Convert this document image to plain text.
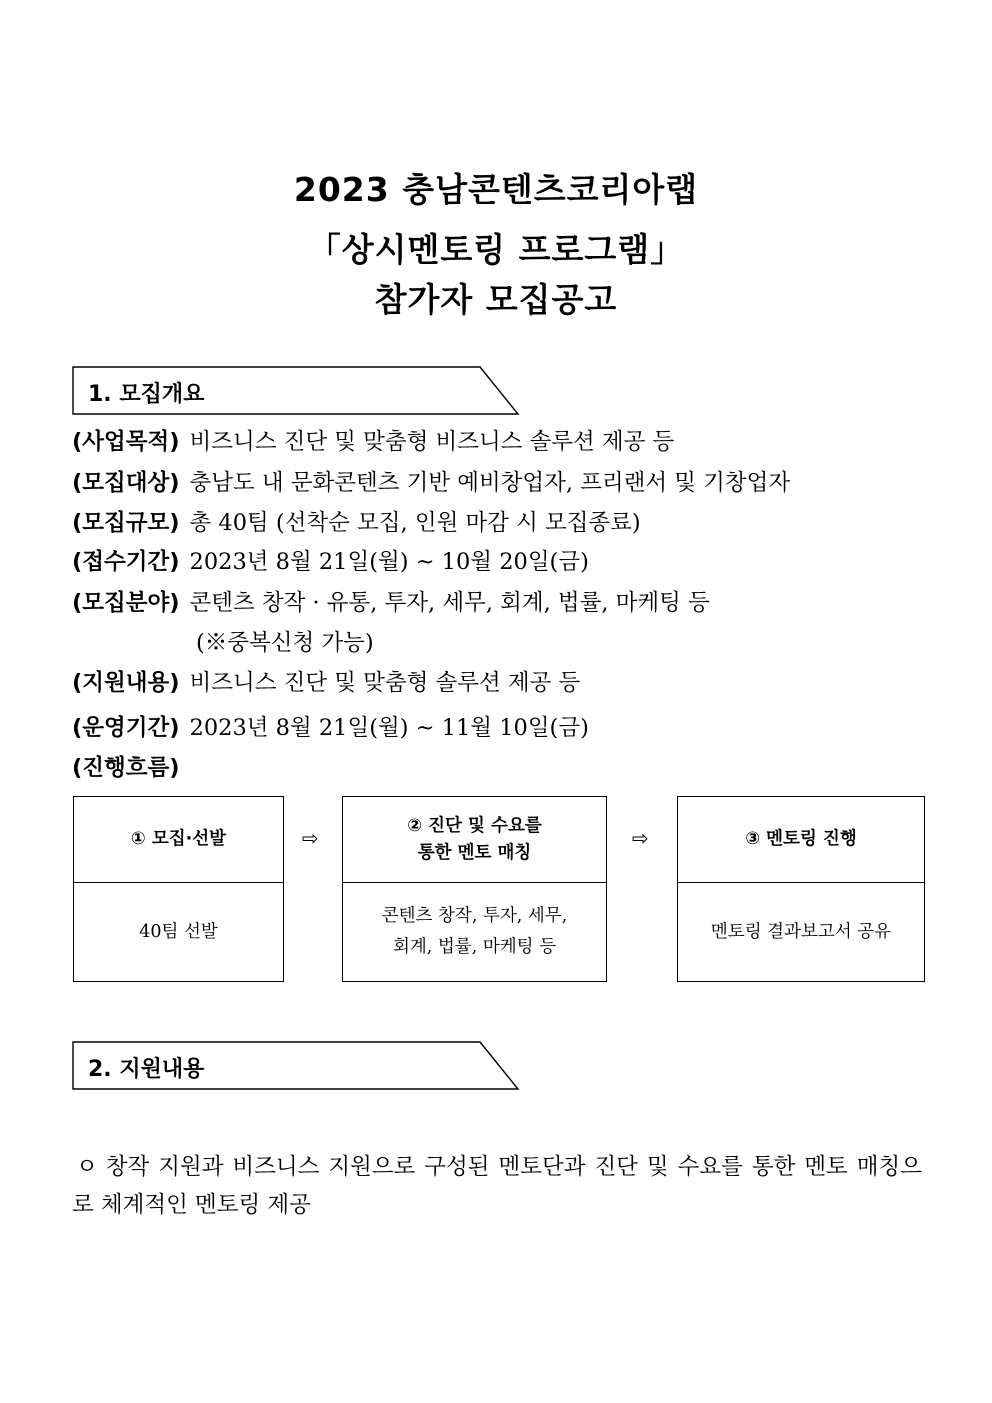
2023 충남콘텐츠코리아랩
「상시멘토링 프로그램」
참가자 모집공고
1. 모집개요
(사업목적) 비즈니스 진단 및 맞춤형 비즈니스 솔루션 제공 등
(모집대상) 충남도 내 문화콘텐츠 기반 예비창업자, 프리랜서 및 기창업자
(모집규모) 총 40팀 (선착순 모집, 인원 마감 시 모집종료)
(접수기간) 2023년 8월 21일(월) ~ 10월 20일(금)
(모집분야) 콘텐츠 창작 · 유통, 투자, 세무, 회계, 법률, 마케팅 등
(※중복신청 가능)
(지원내용) 비즈니스 진단 및 맞춤형 솔루션 제공 등
(운영기간) 2023년 8월 21일(월) ~ 11월 10일(금)
(진행흐름)
① 모집·선발
40팀 선발
⇨
② 진단 및 수요를
통한 멘토 매칭
콘텐츠 창작, 투자, 세무,
회계, 법률, 마케팅 등
⇨	③ 멘토링 진행
멘토링 결과보고서 공유
2. 지원내용
ㅇ 창작 지원과 비즈니스 지원으로 구성된 멘토단과 진단 및 수요를 통한 멘토 매칭으로 체계적인 멘토링 제공
